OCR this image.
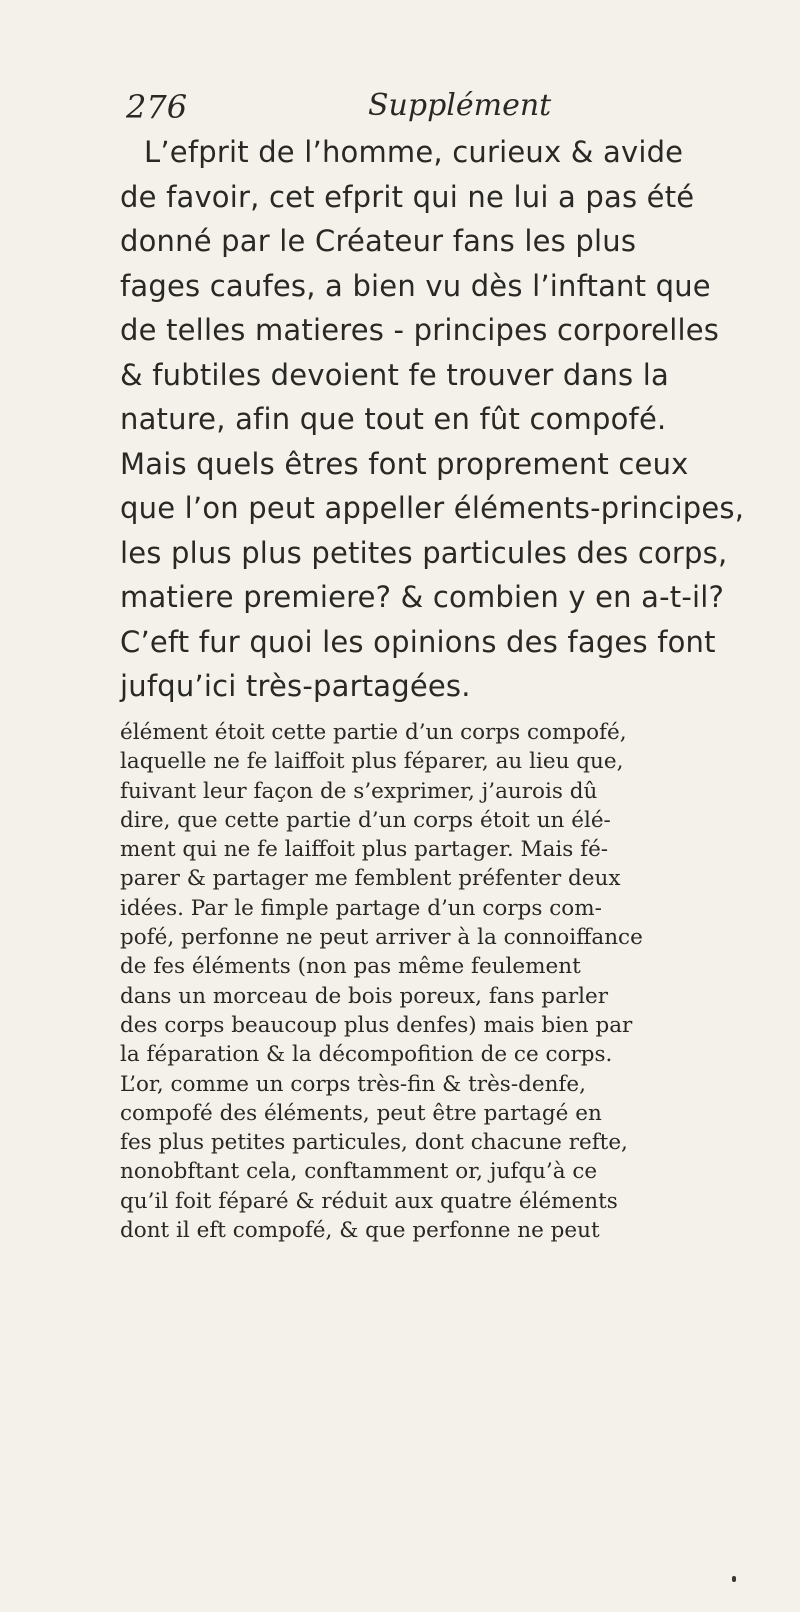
276	Supplément
L’efprit de l’homme, curieux & avide
de favoir, cet efprit qui ne lui a pas été
donné par le Créateur fans les plus
fages caufes, a bien vu dès l’inftant que
de telles matieres - principes corporelles
& fubtiles devoient fe trouver dans la
nature, afin que tout en fût compofé.
Mais quels êtres font proprement ceux
que l’on peut appeller éléments-principes,
les plus plus petites particules des corps,
matiere premiere? & combien y en a-t-il?
C’eft fur quoi les opinions des fages font
jufqu’ici très-partagées.
élément étoit cette partie d’un corps compofé,
laquelle ne fe laiffoit plus féparer, au lieu que,
fuivant leur façon de s’exprimer, j’aurois dû
dire, que cette partie d’un corps étoit un élé-
ment qui ne fe laiffoit plus partager. Mais fé-
parer & partager me femblent préfenter deux
idées. Par le fimple partage d’un corps com-
pofé, perfonne ne peut arriver à la connoiffance
de fes éléments (non pas même feulement
dans un morceau de bois poreux, fans parler
des corps beaucoup plus denfes) mais bien par
la féparation & la décompofition de ce corps.
L’or, comme un corps très-fin & très-denfe,
compofé des éléments, peut être partagé en
fes plus petites particules, dont chacune refte,
nonobftant cela, conftamment or, jufqu’à ce
qu’il foit féparé & réduit aux quatre éléments
dont il eft compofé, & que perfonne ne peut
